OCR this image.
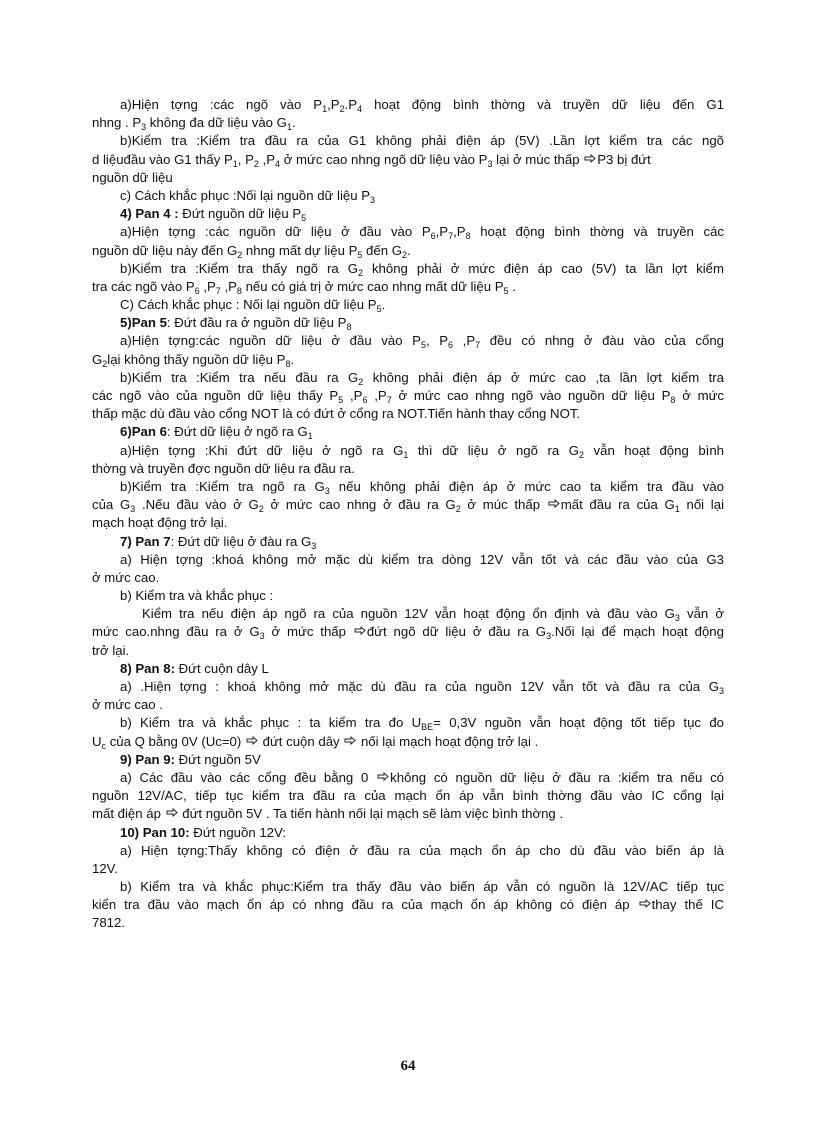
a)Hiện tợng :các ngõ vào $P_1,P_2.P_4$ hoạt động bình thờng và truyền dữ liệu đến G1
nhng . $P_3$ không đa dữ liệu vào $G_1$.
b)Kiểm tra :Kiểm tra đầu ra của G1 không phải điện áp (5V) .Lần lợt kiểm tra các ngõ
d liệuđầu vào G1 thấy $P_1$, $P_2$ $,P_4$ ở mức cao nhng ngõ dữ liệu vào $P_3$ lại ở múc thấp P3 bị đứt
nguồn dữ liệu
c) Cách khắc phục :Nối lại nguồn dữ liệu $P_3$
4) Pan 4 : Đứt nguồn dữ liệu $P_5$
a)Hiện tợng :các nguồn dữ liệu ở đầu vào $P_6,P_7,P_8$ hoạt động bình thờng và truyền các
nguồn dữ liệu này đến $G_2$ nhng mất dự liệu $P_5$ đến $G_2$.
b)Kiểm tra :Kiểm tra thấy ngõ ra $G_2$ không phải ở mức điện áp cao (5V) ta lần lợt kiểm
tra các ngõ vào $P_6$ $,P_7$ $,P_8$ nếu có giá trị ở mức cao nhng mất dữ liệu $P_5$ .
C) Cách khắc phục : Nối lại nguồn dữ liệu $P_5$.
5)Pan 5: Đứt đầu ra ở nguồn dữ liệu $P_8$
a)Hiện tợng:các nguồn dữ liệu ở đầu vào $P_5$, $P_6$ $,P_7$ đều có nhng ở đàu vào của cổng
$G_2lại$ không thấy nguồn dữ liệu $P_8$.
b)Kiểm tra :Kiểm tra nếu đầu ra $G_2$ không phải điện áp ở mức cao ,ta lần lợt kiểm tra
các ngõ vào của nguồn dữ liệu thấy $P_5$ $,P_6$ $,P_7$ ở mức cao nhng ngõ vào nguồn dữ liệu $P_8$ ở mức
thấp mặc dù đầu vào cổng NOT là có đứt ở cổng ra NOT.Tiến hành thay cổng NOT.
6)Pan 6: Đứt dữ liệu ở ngõ ra $G_1$
a)Hiện tợng :Khi đứt dữ liệu ở ngõ ra $G_1$ thì dữ liệu ở ngõ ra $G_2$ vẫn hoạt động bình
thờng và truyền đợc nguồn dữ liệu ra đầu ra.
b)Kiểm tra :Kiểm tra ngõ ra $G_3$ nếu không phải điện áp ở mức cao ta kiểm tra đầu vào
của $G_3$ .Nếu đầu vào ở $G_2$ ở mức cao nhng ở đầu ra $G_2$ ở múc thấp mất đầu ra của $G_1$ nối lại
mạch hoạt động trở lại.
7) Pan 7: Đứt dữ liệu ở đàu ra $G_3$
a) Hiện tợng :khoá không mở mặc dù kiểm tra dòng 12V vẫn tốt và các đầu vào của G3
ở mức cao.
b) Kiểm tra và khắc phục :
Kiểm tra nếu điện áp ngõ ra của nguồn 12V vẫn hoạt động ổn định và đầu vào $G_3$ vẫn ở
mức cao.nhng đầu ra ở $G_3$ ở mức thấp đứt ngõ dữ liệu ở đầu ra $G_3.Nối$ lại để mạch hoạt động
trở lại.
8) Pan 8: Đứt cuộn dây L
a) .Hiện tợng : khoá không mở mặc dù đầu ra của nguồn 12V vẫn tốt và đầu ra của $G_3$
ở mức cao .
b) Kiểm tra và khắc phục : ta kiểm tra đo $U_{BE}= 0,3V$ nguồn vẫn hoạt động tốt tiếp tục đo
$U_c$ của Q bằng 0V (Uc=0)  đứt cuộn dây  nối lại mạch hoạt động trở lại .
9) Pan 9: Đứt nguồn 5V
a) Các đầu vào các cổng đều bằng 0 không có nguồn dữ liệu ở đầu ra :kiểm tra nếu có
nguồn 12V/AC, tiếp tục kiểm tra đầu ra của mạch ổn áp vẫn bình thờng đầu vào IC cổng lại
mất điện áp  đứt nguồn 5V . Ta tiến hành nối lại mạch sẽ làm việc bình thờng .
10) Pan 10: Đứt nguồn 12V:
a) Hiện tợng:Thấy không có điện ở đầu ra của mạch ổn áp cho dù đầu vào biến áp là
12V.
b) Kiểm tra và khắc phục:Kiểm tra thấy đầu vào biến áp vẫn có nguồn là 12V/AC tiếp tục
kiển tra đầu vào mạch ổn áp có nhng đầu ra của mạch ổn áp không có điện áp thay thế IC
7812.
64
